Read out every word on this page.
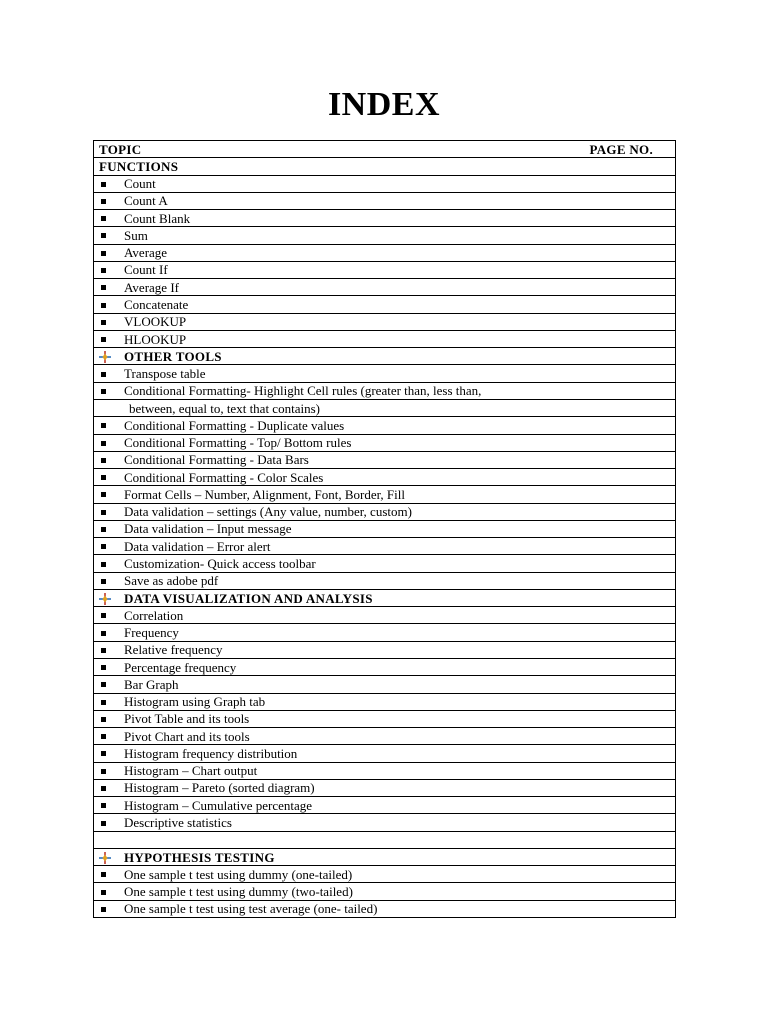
INDEX
TOPIC	PAGE NO.

FUNCTIONS
Count
Count A
Count Blank
Sum
Average
Count If
Average If
Concatenate
VLOOKUP
HLOOKUP

OTHER TOOLS
Transpose table
Conditional Formatting- Highlight Cell rules (greater than, less than,
between, equal to, text that contains)
Conditional Formatting - Duplicate values
Conditional Formatting - Top/ Bottom rules
Conditional Formatting - Data Bars
Conditional Formatting - Color Scales
Format Cells – Number, Alignment, Font, Border, Fill
Data validation – settings (Any value, number, custom)
Data validation – Input message
Data validation – Error alert
Customization- Quick access toolbar
Save as adobe pdf

DATA VISUALIZATION AND ANALYSIS
Correlation
Frequency
Relative frequency
Percentage frequency
Bar Graph
Histogram using Graph tab
Pivot Table and its tools
Pivot Chart and its tools
Histogram frequency distribution
Histogram – Chart output
Histogram – Pareto (sorted diagram)
Histogram – Cumulative percentage
Descriptive statistics

HYPOTHESIS TESTING
One sample t test using dummy (one-tailed)
One sample t test using dummy (two-tailed)
One sample t test using test average (one- tailed)
